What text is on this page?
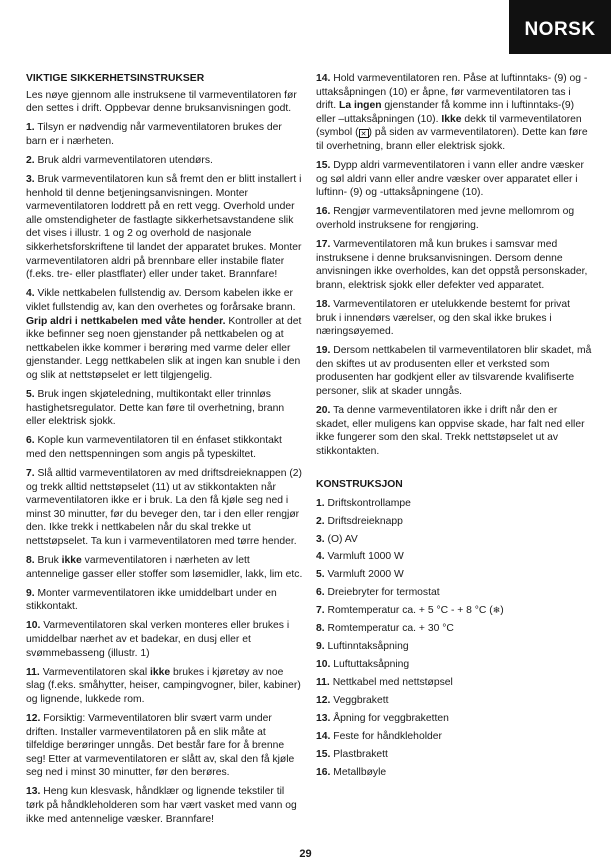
NORSK
VIKTIGE SIKKERHETSINSTRUKSER

Les nøye gjennom alle instruksene til varmeventilatoren før den settes i drift. Oppbevar denne bruksanvisningen godt.

1. Tilsyn er nødvendig når varmeventilatoren brukes der barn er i nærheten.

2. Bruk aldri varmeventilatoren utendørs.

3. Bruk varmeventilatoren kun så fremt den er blitt installert i henhold til denne betjeningsanvisningen. Monter varmeventilatoren loddrett på en rett vegg. Overhold under alle omstendigheter de fastlagte sikkerhetsavstandene slik det vises i illustr. 1 og 2 og overhold de nasjonale sikkerhetsforskriftene til landet der apparatet brukes. Monter varmeventilatoren aldri på brennbare eller instabile flater (f.eks. tre- eller plastflater) eller under taket. Brannfare!

4. Vikle nettkabelen fullstendig av. Dersom kabelen ikke er viklet fullstendig av, kan den overhetes og forårsake brann. Grip aldri i nettkabelen med våte hender. Kontroller at det ikke befinner seg noen gjenstander på nettkabelen og at nettkabelen ikke kommer i berøring med varme deler eller gjenstander. Legg nettkabelen slik at ingen kan snuble i den og slik at nettstøpselet er lett tilgjengelig.

5. Bruk ingen skjøteledning, multikontakt eller trinnløs hastighetsregulator. Dette kan føre til overhetning, brann eller elektrisk sjokk.

6. Kople kun varmeventilatoren til en énfaset stikkontakt med den nettspenningen som angis på typeskiltet.

7. Slå alltid varmeventilatoren av med driftsdreieknappen (2) og trekk alltid nettstøpselet (11) ut av stikkontakten når varmeventilatoren ikke er i bruk. La den få kjøle seg ned i minst 30 minutter, før du beveger den, tar i den eller rengjør den. Ikke trekk i nettkabelen når du skal trekke ut nettstøpselet. Ta kun i varmeventilatoren med tørre hender.

8. Bruk ikke varmeventilatoren i nærheten av lett antennelige gasser eller stoffer som løsemidler, lakk, lim etc.

9. Monter varmeventilatoren ikke umiddelbart under en stikkontakt.

10. Varmeventilatoren skal verken monteres eller brukes i umiddelbar nærhet av et badekar, en dusj eller et svømmebasseng (illustr. 1)

11. Varmeventilatoren skal ikke brukes i kjøretøy av noe slag (f.eks. småhytter, heiser, campingvogner, biler, kabiner) og lignende, lukkede rom.

12. Forsiktig: Varmeventilatoren blir svært varm under driften. Installer varmeventilatoren på en slik måte at tilfeldige berøringer unngås. Det består fare for å brenne seg! Etter at varmeventilatoren er slått av, skal den få kjøle seg ned i minst 30 minutter, før den berøres.

13. Heng kun klesvask, håndklær og lignende tekstiler til tørk på håndkleholderen som har vært vasket med vann og ikke med antennelige væsker. Brannfare!

14. Hold varmeventilatoren ren. Påse at luftinntaks- (9) og -uttaksåpningen (10) er åpne, før varmeventilatoren tas i drift. La ingen gjenstander få komme inn i luftinntaks-(9) eller –uttaksåpningen (10). Ikke dekk til varmeventilatoren (symbol ( ✕ ) på siden av varmeventilatoren). Dette kan føre til overhetning, brann eller elektrisk sjokk.

15. Dypp aldri varmeventilatoren i vann eller andre væsker og søl aldri vann eller andre væsker over apparatet eller i luftinn- (9) og -uttaksåpningene (10).

16. Rengjør varmeventilatoren med jevne mellomrom og overhold instruksene for rengjøring.

17. Varmeventilatoren må kun brukes i samsvar med instruksene i denne bruksanvisningen. Dersom denne anvisningen ikke overholdes, kan det oppstå personskader, brann, elektrisk sjokk eller defekter ved apparatet.

18. Varmeventilatoren er utelukkende bestemt for privat bruk i innendørs værelser, og den skal ikke brukes i næringsøyemed.

19. Dersom nettkabelen til varmeventilatoren blir skadet, må den skiftes ut av produsenten eller et verksted som produsenten har godkjent eller av tilsvarende kvalifiserte personer, slik at skader unngås.

20. Ta denne varmeventilatoren ikke i drift når den er skadet, eller muligens kan oppvise skade, har falt ned eller ikke fungerer som den skal. Trekk nettstøpselet ut av stikkontakten.

KONSTRUKSJON
1. Driftskontrollampe
2. Driftsdreieknapp
3. (O) AV
4. Varmluft 1000 W
5. Varmluft 2000 W
6. Dreiebryter for termostat
7. Romtemperatur ca. + 5 °C - + 8 °C (❄)
8. Romtemperatur ca. + 30 °C
9. Luftinntaksåpning
10. Luftuttaksåpning
11. Nettkabel med nettstøpsel
12. Veggbrakett
13. Åpning for veggbraketten
14. Feste for håndkleholder
15. Plastbrakett
16. Metallbøyle
29
